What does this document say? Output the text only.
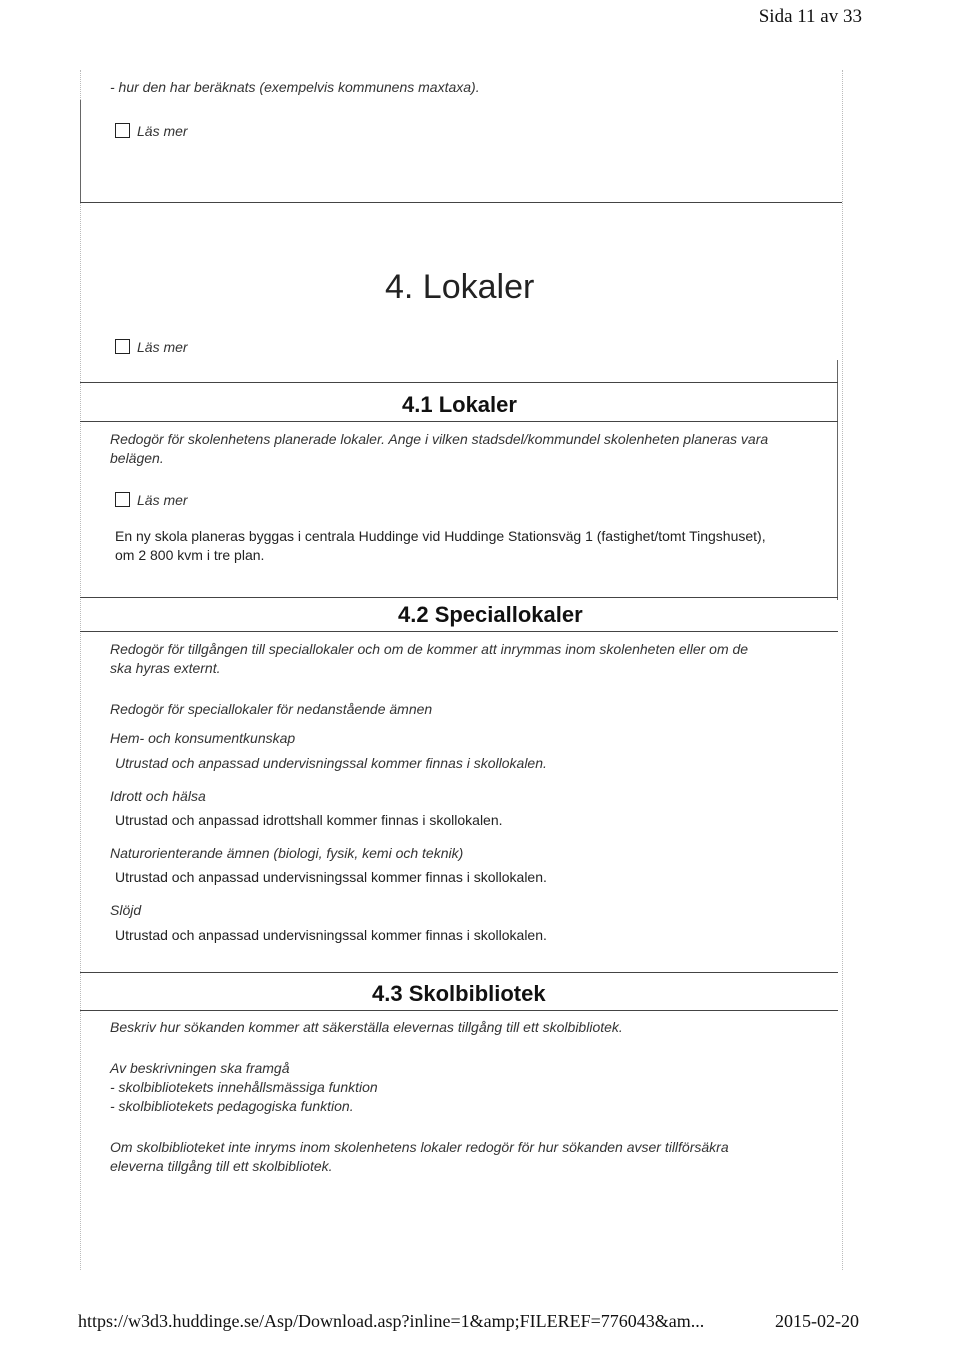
Sida 11 av 33
https://w3d3.huddinge.se/Asp/Download.asp?inline=1&amp;FILEREF=776043&am...	2015-02-20
- hur den har beräknats (exempelvis kommunens maxtaxa).
Läs mer
4. Lokaler
Läs mer
4.1 Lokaler
Redogör för skolenhetens planerade lokaler. Ange i vilken stadsdel/kommundel skolenheten planeras vara
belägen.
Läs mer
En ny skola planeras byggas i centrala Huddinge vid Huddinge Stationsväg 1 (fastighet/tomt Tingshuset),
om 2 800 kvm i tre plan.
4.2 Speciallokaler
Redogör för tillgången till speciallokaler och om de kommer att inrymmas inom skolenheten eller om de
ska hyras externt.
Redogör för speciallokaler för nedanstående ämnen
Hem- och konsumentkunskap
Utrustad och anpassad undervisningssal kommer finnas i skollokalen.
Idrott och hälsa
Utrustad och anpassad idrottshall kommer finnas i skollokalen.
Naturorienterande ämnen (biologi, fysik, kemi och teknik)
Utrustad och anpassad undervisningssal kommer finnas i skollokalen.
Slöjd
Utrustad och anpassad undervisningssal kommer finnas i skollokalen.
4.3 Skolbibliotek
Beskriv hur sökanden kommer att säkerställa elevernas tillgång till ett skolbibliotek.
Av beskrivningen ska framgå
- skolbibliotekets innehållsmässiga funktion
- skolbibliotekets pedagogiska funktion.
Om skolbiblioteket inte inryms inom skolenhetens lokaler redogör för hur sökanden avser tillförsäkra
eleverna tillgång till ett skolbibliotek.
